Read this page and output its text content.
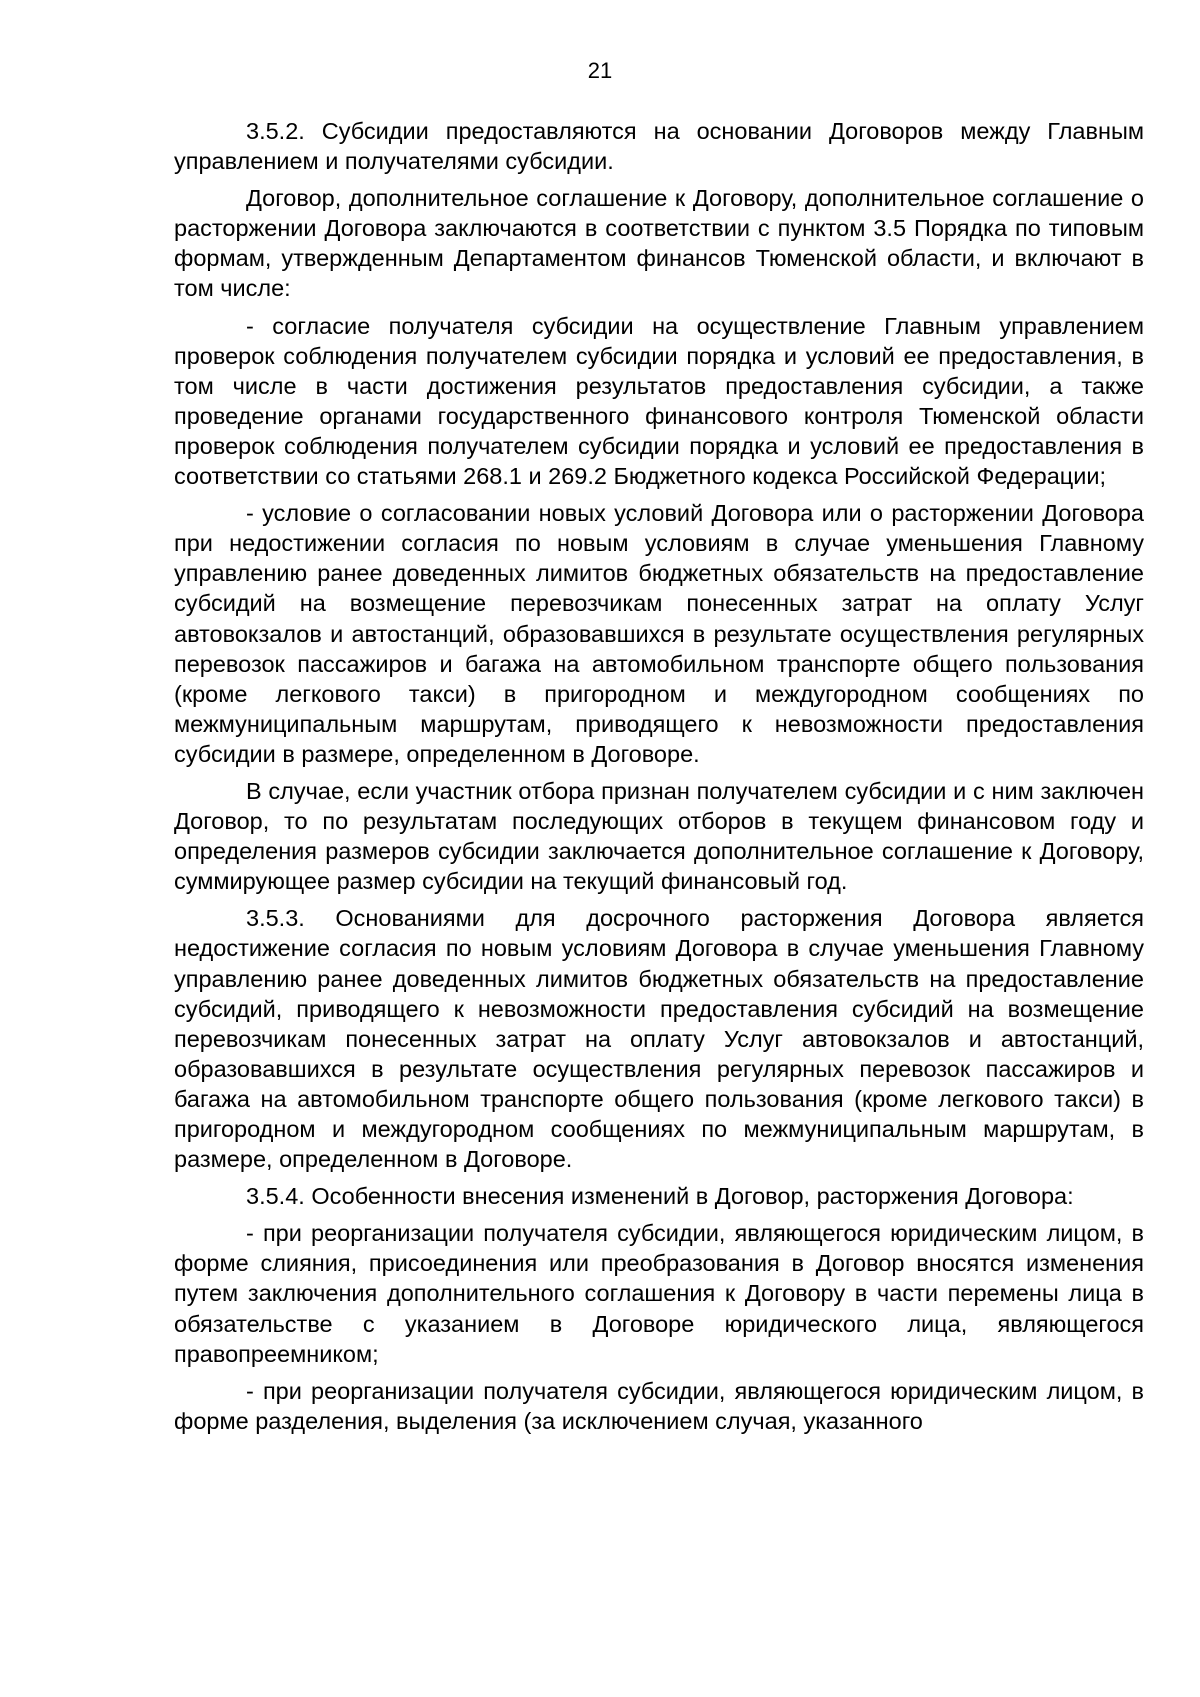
21

3.5.2. Субсидии предоставляются на основании Договоров между Главным управлением и получателями субсидии.

Договор, дополнительное соглашение к Договору, дополнительное соглашение о расторжении Договора заключаются в соответствии с пунктом 3.5 Порядка по типовым формам, утвержденным Департаментом финансов Тюменской области, и включают в том числе:

- согласие получателя субсидии на осуществление Главным управлением проверок соблюдения получателем субсидии порядка и условий ее предоставления, в том числе в части достижения результатов предоставления субсидии, а также проведение органами государственного финансового контроля Тюменской области проверок соблюдения получателем субсидии порядка и условий ее предоставления в соответствии со статьями 268.1 и 269.2 Бюджетного кодекса Российской Федерации;

- условие о согласовании новых условий Договора или о расторжении Договора при недостижении согласия по новым условиям в случае уменьшения Главному управлению ранее доведенных лимитов бюджетных обязательств на предоставление субсидий на возмещение перевозчикам понесенных затрат на оплату Услуг автовокзалов и автостанций, образовавшихся в результате осуществления регулярных перевозок пассажиров и багажа на автомобильном транспорте общего пользования (кроме легкового такси) в пригородном и междугородном сообщениях по межмуниципальным маршрутам, приводящего к невозможности предоставления субсидии в размере, определенном в Договоре.

В случае, если участник отбора признан получателем субсидии и с ним заключен Договор, то по результатам последующих отборов в текущем финансовом году и определения размеров субсидии заключается дополнительное соглашение к Договору, суммирующее размер субсидии на текущий финансовый год.

3.5.3. Основаниями для досрочного расторжения Договора является недостижение согласия по новым условиям Договора в случае уменьшения Главному управлению ранее доведенных лимитов бюджетных обязательств на предоставление субсидий, приводящего к невозможности предоставления субсидий на возмещение перевозчикам понесенных затрат на оплату Услуг автовокзалов и автостанций, образовавшихся в результате осуществления регулярных перевозок пассажиров и багажа на автомобильном транспорте общего пользования (кроме легкового такси) в пригородном и междугородном сообщениях по межмуниципальным маршрутам, в размере, определенном в Договоре.

3.5.4. Особенности внесения изменений в Договор, расторжения Договора:

- при реорганизации получателя субсидии, являющегося юридическим лицом, в форме слияния, присоединения или преобразования в Договор вносятся изменения путем заключения дополнительного соглашения к Договору в части перемены лица в обязательстве с указанием в Договоре юридического лица, являющегося правопреемником;

- при реорганизации получателя субсидии, являющегося юридическим лицом, в форме разделения, выделения (за исключением случая, указанного
